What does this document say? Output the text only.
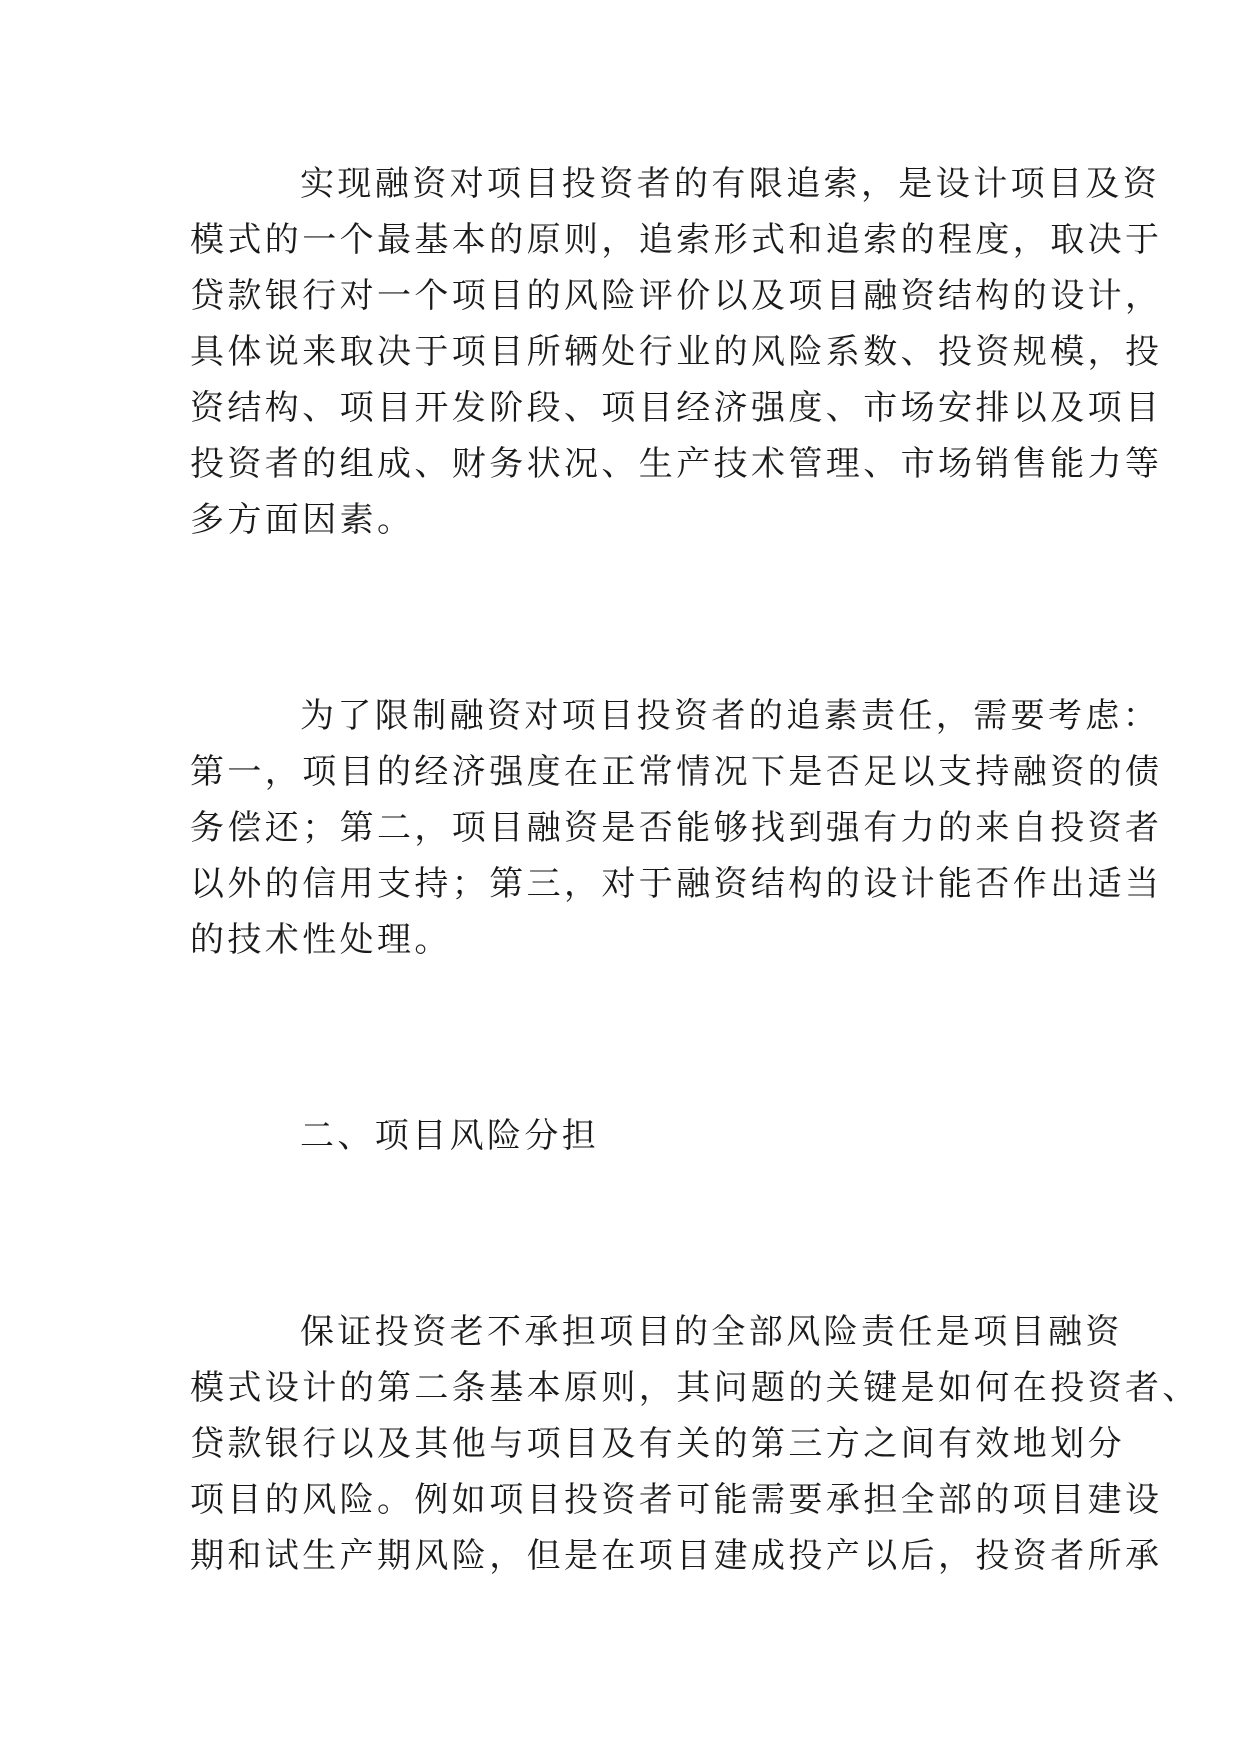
实现融资对项目投资者的有限追索，是设计项目及资
模式的一个最基本的原则，追索形式和追索的程度，取决于
贷款银行对一个项目的风险评价以及项目融资结构的设计，
具体说来取决于项目所辆处行业的风险系数、投资规模，投
资结构、项目开发阶段、项目经济强度、市场安排以及项目
投资者的组成、财务状况、生产技术管理、市场销售能力等
多方面因素。
为了限制融资对项目投资者的追素责任，需要考虑：
第一，项目的经济强度在正常情况下是否足以支持融资的债
务偿还；第二，项目融资是否能够找到强有力的来自投资者
以外的信用支持；第三，对于融资结构的设计能否作出适当
的技术性处理。
二、项目风险分担
保证投资老不承担项目的全部风险责任是项目融资
模式设计的第二条基本原则，其问题的关键是如何在投资者、
贷款银行以及其他与项目及有关的第三方之间有效地划分
项目的风险。例如项目投资者可能需要承担全部的项目建设
期和试生产期风险，但是在项目建成投产以后，投资者所承
